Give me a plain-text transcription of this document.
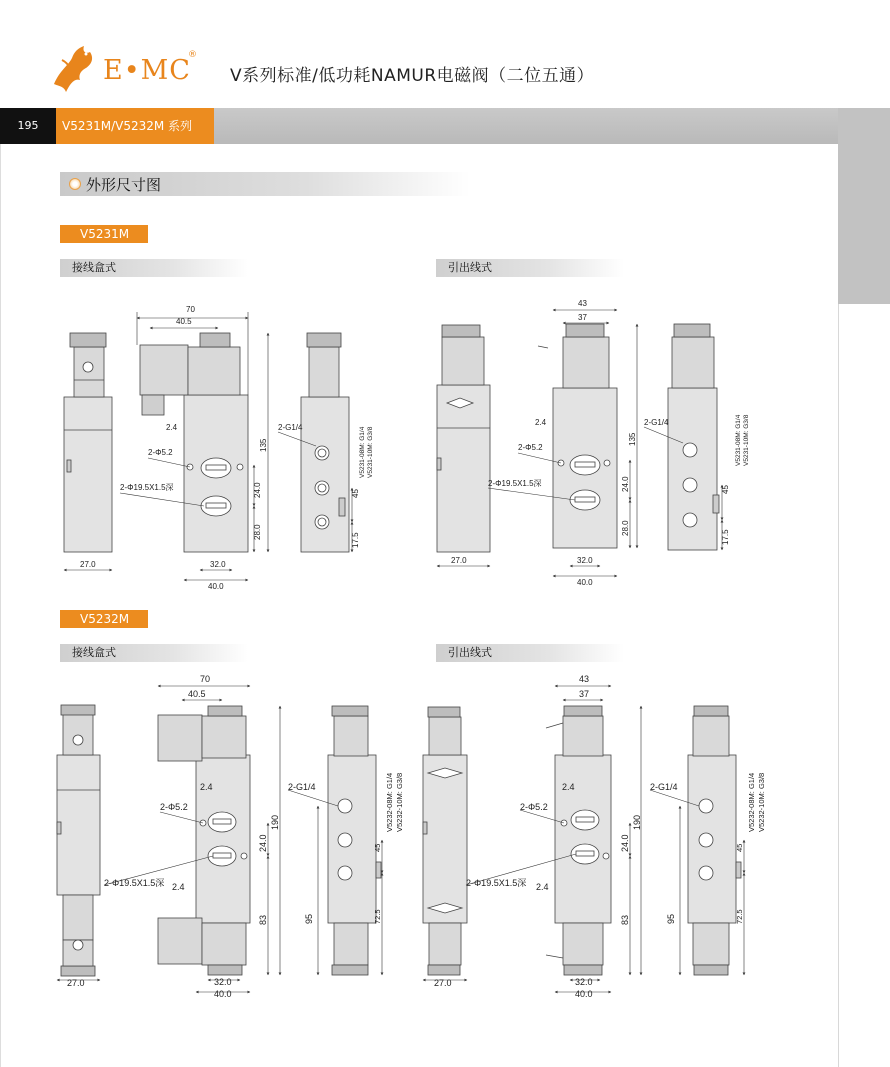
E•MC
®
V系列标准/低功耗NAMUR电磁阀（二位五通）
195	V5231M/V5232M 系列
外形尺寸图
V5231M
接线盒式	引出线式
V5232M
接线盒式	引出线式
70
40.5
2.4
2-Φ5.2
2-Φ19.5X1.5深
135
24.0
28.0
32.0
40.0
27.0
2-G1/4	V5231-08M: G1/4 V5231-10M: G3/8
45
17.5
43
37
2.4
2-Φ5.2
2-Φ19.5X1.5深
135
24.0
28.0
32.0
40.0
27.0
2-G1/4	V5231-08M: G1/4 V5231-10M: G3/8
45
17.5
70
40.5
2.4
2-Φ5.2
2-Φ19.5X1.5深 2.4
190
24.0
83
32.0
40.0
27.0
2-G1/4	V5232-08M: G1/4 V5232-10M: G3/8
45
95	72.5
43
37
2.4
2-Φ5.2
2-Φ19.5X1.5深 2.4
190
24.0
83
32.0
40.0
27.0
2-G1/4	V5232-08M: G1/4 V5232-10M: G3/8
45
95	72.5
